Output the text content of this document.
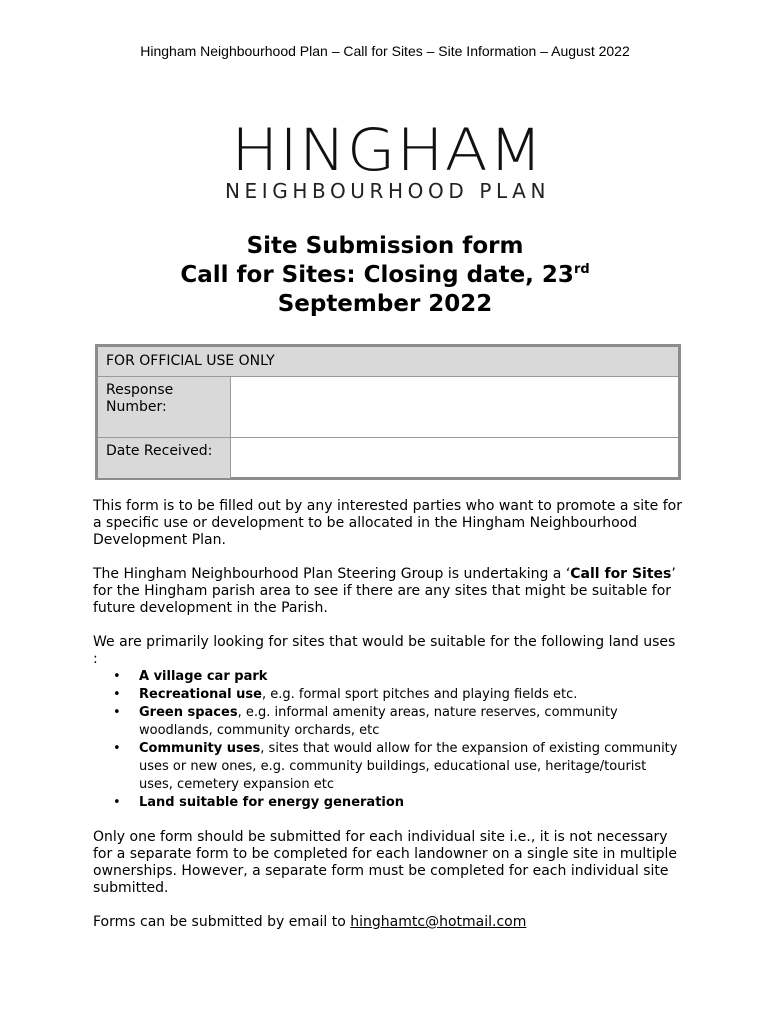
Hingham Neighbourhood Plan – Call for Sites – Site Information – August 2022
HINGHAM
NEIGHBOURHOOD PLAN
Site Submission form
Call for Sites: Closing date, 23rd
September 2022
FOR OFFICIAL USE ONLY
Response Number:
Date Received:

This form is to be filled out by any interested parties who want to promote a site for a specific use or development to be allocated in the Hingham Neighbourhood Development Plan.

The Hingham Neighbourhood Plan Steering Group is undertaking a ‘Call for Sites’ for the Hingham parish area to see if there are any sites that might be suitable for future development in the Parish.

We are primarily looking for sites that would be suitable for the following land uses :

• A village car park
• Recreational use, e.g. formal sport pitches and playing fields etc.
• Green spaces, e.g. informal amenity areas, nature reserves, community woodlands, community orchards, etc
• Community uses, sites that would allow for the expansion of existing community uses or new ones, e.g. community buildings, educational use, heritage/tourist uses, cemetery expansion etc
• Land suitable for energy generation

Only one form should be submitted for each individual site i.e., it is not necessary for a separate form to be completed for each landowner on a single site in multiple ownerships. However, a separate form must be completed for each individual site submitted.

Forms can be submitted by email to hinghamtc@hotmail.com
